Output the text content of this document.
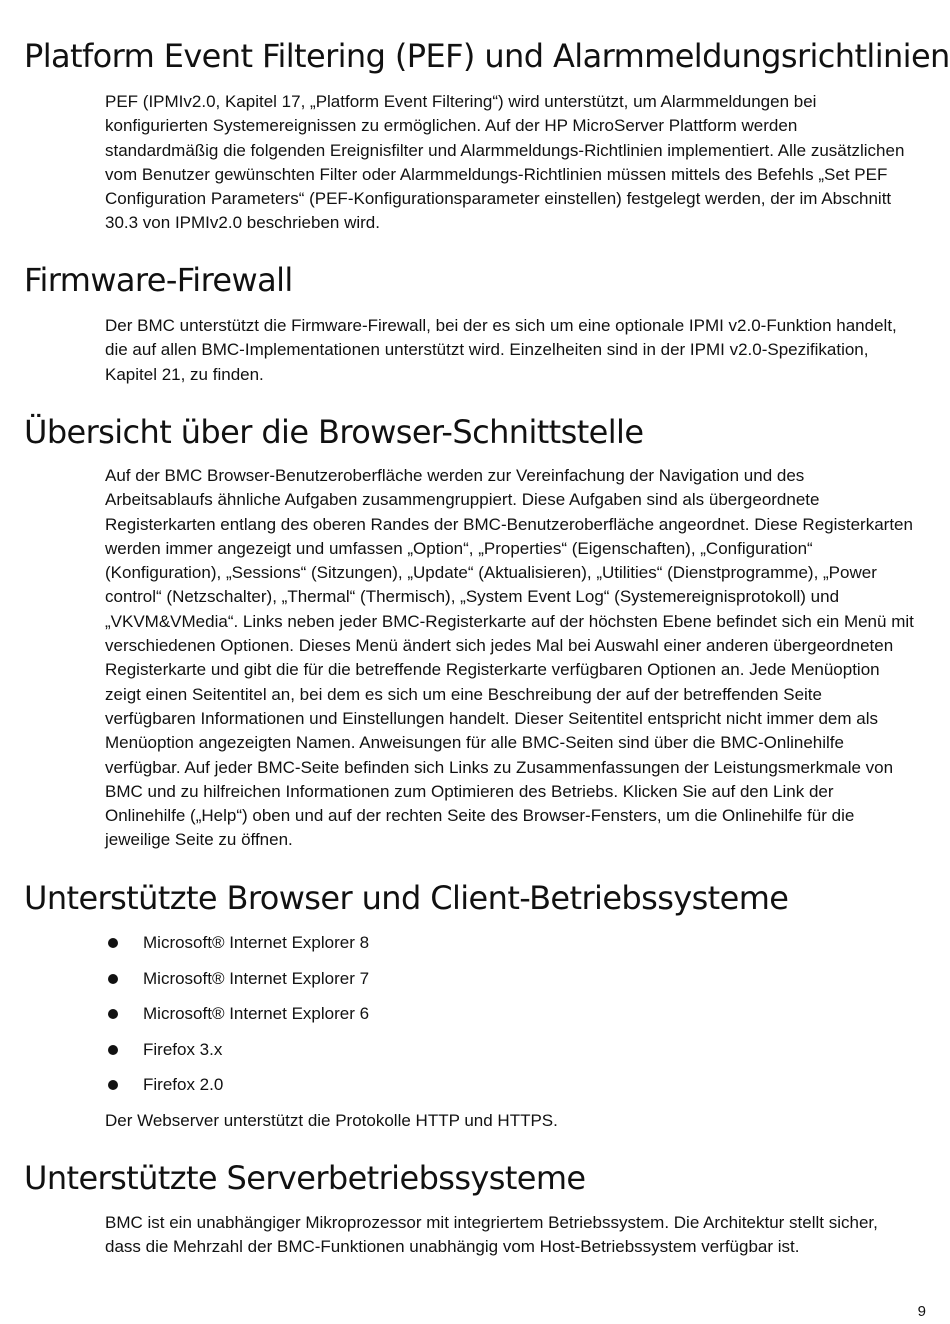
Platform Event Filtering (PEF) und Alarmmeldungsrichtlinien

PEF (IPMIv2.0, Kapitel 17, „Platform Event Filtering“) wird unterstützt, um Alarmmeldungen bei konfigurierten Systemereignissen zu ermöglichen. Auf der HP MicroServer Plattform werden standardmäßig die folgenden Ereignisfilter und Alarmmeldungs-Richtlinien implementiert. Alle zusätzlichen vom Benutzer gewünschten Filter oder Alarmmeldungs-Richtlinien müssen mittels des Befehls „Set PEF Configuration Parameters“ (PEF-Konfigurationsparameter einstellen) festgelegt werden, der im Abschnitt 30.3 von IPMIv2.0 beschrieben wird.

Firmware-Firewall

Der BMC unterstützt die Firmware-Firewall, bei der es sich um eine optionale IPMI v2.0-Funktion handelt, die auf allen BMC-Implementationen unterstützt wird. Einzelheiten sind in der IPMI v2.0-Spezifikation, Kapitel 21, zu finden.

Übersicht über die Browser-Schnittstelle

Auf der BMC Browser-Benutzeroberfläche werden zur Vereinfachung der Navigation und des Arbeitsablaufs ähnliche Aufgaben zusammengruppiert. Diese Aufgaben sind als übergeordnete Registerkarten entlang des oberen Randes der BMC-Benutzeroberfläche angeordnet. Diese Registerkarten werden immer angezeigt und umfassen „Option“, „Properties“ (Eigenschaften), „Configuration“ (Konfiguration), „Sessions“ (Sitzungen), „Update“ (Aktualisieren), „Utilities“ (Dienstprogramme), „Power control“ (Netzschalter), „Thermal“ (Thermisch), „System Event Log“ (Systemereignisprotokoll) und „VKVM&VMedia“. Links neben jeder BMC-Registerkarte auf der höchsten Ebene befindet sich ein Menü mit verschiedenen Optionen. Dieses Menü ändert sich jedes Mal bei Auswahl einer anderen übergeordneten Registerkarte und gibt die für die betreffende Registerkarte verfügbaren Optionen an. Jede Menüoption zeigt einen Seitentitel an, bei dem es sich um eine Beschreibung der auf der betreffenden Seite verfügbaren Informationen und Einstellungen handelt. Dieser Seitentitel entspricht nicht immer dem als Menüoption angezeigten Namen. Anweisungen für alle BMC-Seiten sind über die BMC-Onlinehilfe verfügbar. Auf jeder BMC-Seite befinden sich Links zu Zusammenfassungen der Leistungsmerkmale von BMC und zu hilfreichen Informationen zum Optimieren des Betriebs. Klicken Sie auf den Link der Onlinehilfe („Help“) oben und auf der rechten Seite des Browser-Fensters, um die Onlinehilfe für die jeweilige Seite zu öffnen.

Unterstützte Browser und Client-Betriebssysteme
Microsoft® Internet Explorer 8
Microsoft® Internet Explorer 7
Microsoft® Internet Explorer 6
Firefox 3.x
Firefox 2.0

Der Webserver unterstützt die Protokolle HTTP und HTTPS.

Unterstützte Serverbetriebssysteme

BMC ist ein unabhängiger Mikroprozessor mit integriertem Betriebssystem. Die Architektur stellt sicher, dass die Mehrzahl der BMC-Funktionen unabhängig vom Host-Betriebssystem verfügbar ist.

9
